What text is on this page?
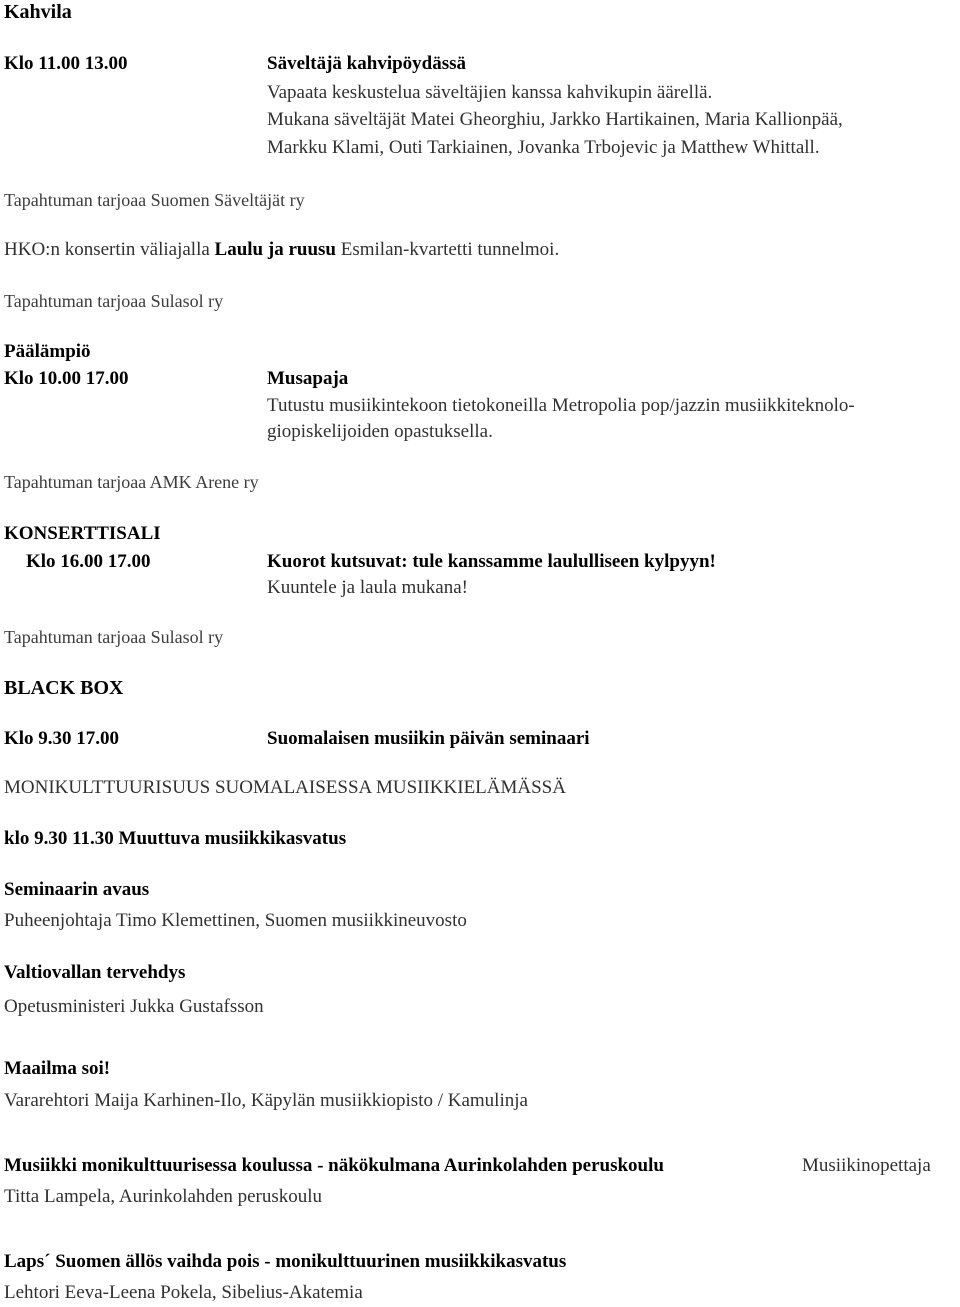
Kahvila
Klo 11.00 13.00	Säveltäjä kahvipöydässä
Vapaata keskustelua säveltäjien kanssa kahvikupin äärellä.
Mukana säveltäjät Matei Gheorghiu, Jarkko Hartikainen, Maria Kallionpää,
Markku Klami, Outi Tarkiainen, Jovanka Trbojevic ja Matthew Whittall.
Tapahtuman tarjoaa Suomen Säveltäjät ry
HKO:n konsertin väliajalla Laulu ja ruusu Esmilan-kvartetti tunnelmoi.
Tapahtuman tarjoaa Sulasol ry
Päälämpiö
Klo 10.00 17.00	Musapaja
Tutustu musiikintekoon tietokoneilla Metropolia pop/jazzin musiikkiteknolo-
giopiskelijoiden opastuksella.
Tapahtuman tarjoaa AMK Arene ry
KONSERTTISALI
Klo 16.00 17.00	Kuorot kutsuvat: tule kanssamme laululliseen kylpyyn!
Kuuntele ja laula mukana!
Tapahtuman tarjoaa Sulasol ry
BLACK BOX
Klo 9.30 17.00	Suomalaisen musiikin päivän seminaari
MONIKULTTUURISUUS SUOMALAISESSA MUSIIKKIELÄMÄSSÄ
klo 9.30 11.30 Muuttuva musiikkikasvatus
Seminaarin avaus
Puheenjohtaja Timo Klemettinen, Suomen musiikkineuvosto
Valtiovallan tervehdys
Opetusministeri Jukka Gustafsson
Maailma soi!
Vararehtori Maija Karhinen-Ilo, Käpylän musiikkiopisto / Kamulinja
Musiikki monikulttuurisessa koulussa - näkökulmana Aurinkolahden peruskoulu	Musiikinopettaja
Titta Lampela, Aurinkolahden peruskoulu
Laps´ Suomen ällös vaihda pois - monikulttuurinen musiikkikasvatus
Lehtori Eeva-Leena Pokela, Sibelius-Akatemia
